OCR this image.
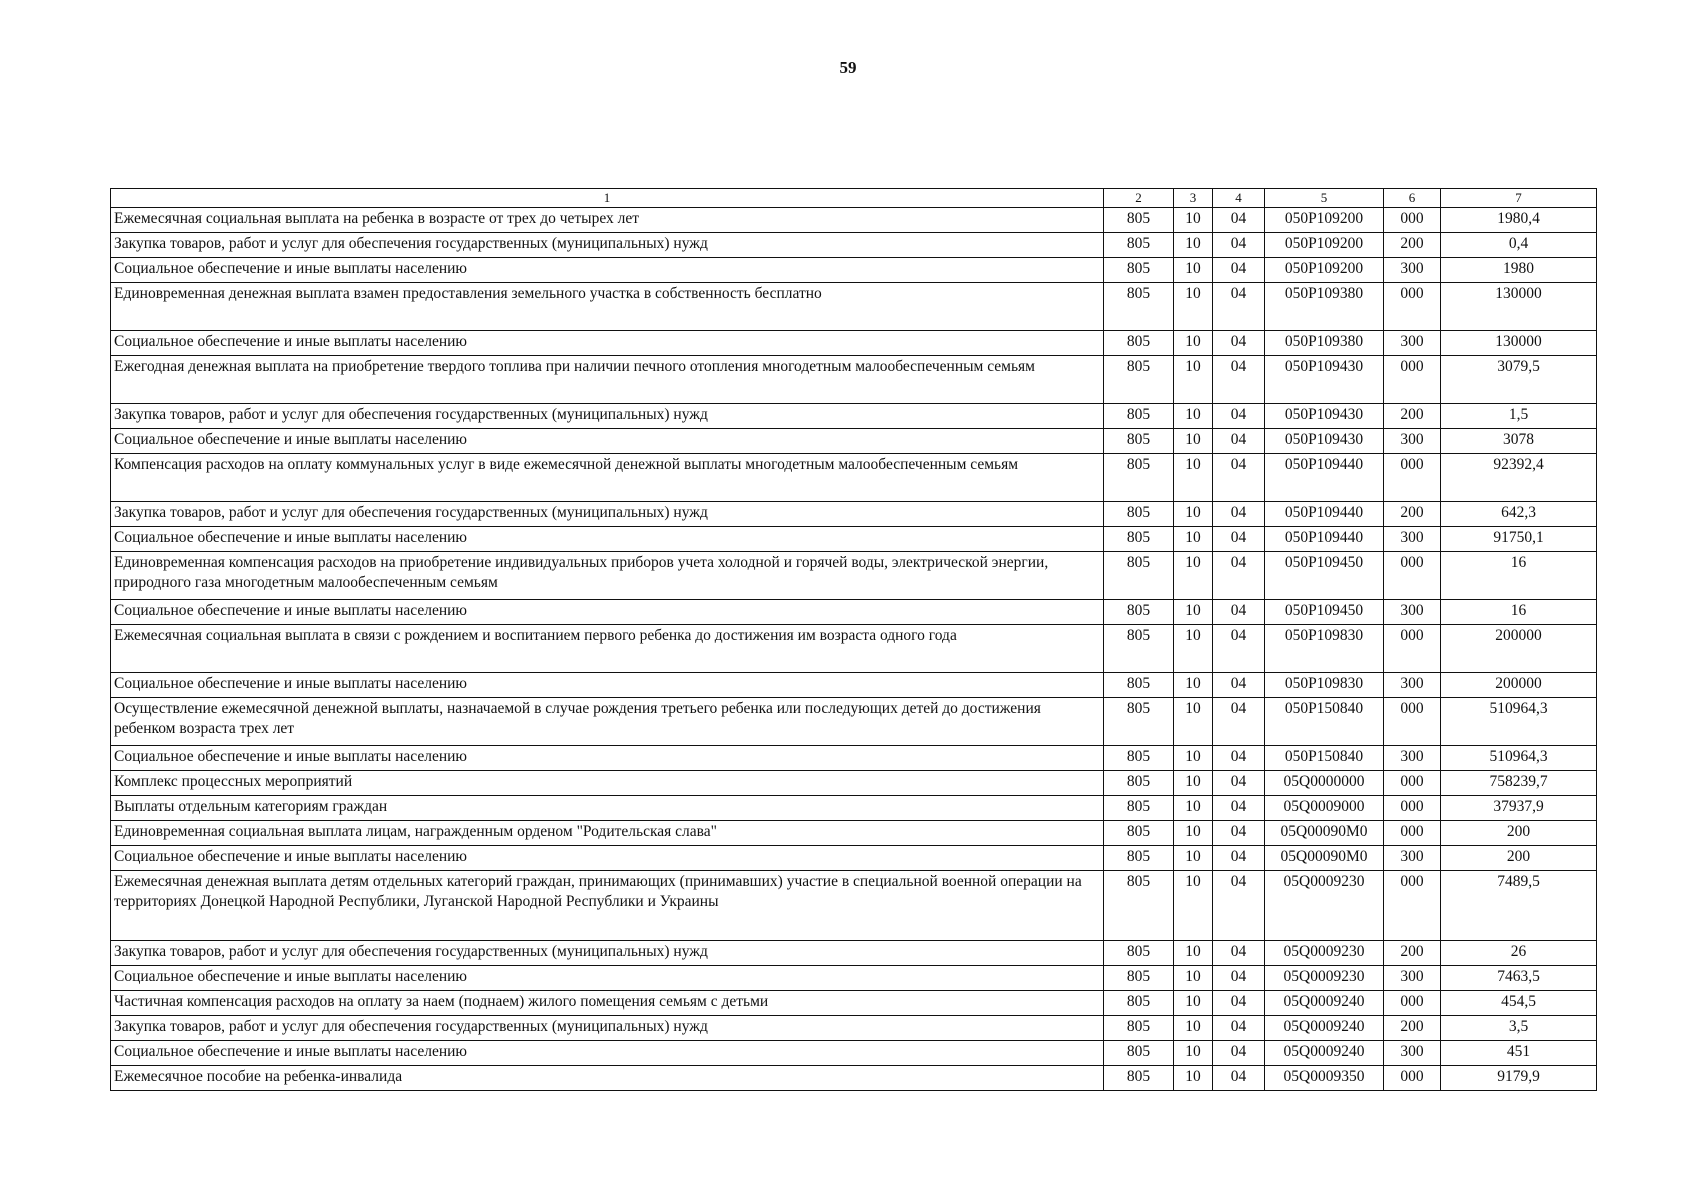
59
1	2	3	4	5	6	7
Ежемесячная социальная выплата на ребенка в возрасте от трех до четырех лет	805	10	04	050P109200	000	1980,4
Закупка товаров, работ и услуг для обеспечения государственных (муниципальных) нужд	805	10	04	050P109200	200	0,4
Социальное обеспечение и иные выплаты населению	805	10	04	050P109200	300	1980
Единовременная денежная выплата взамен предоставления земельного участка в собственность бесплатно	805	10	04	050P109380	000	130000
Социальное обеспечение и иные выплаты населению	805	10	04	050P109380	300	130000
Ежегодная денежная выплата на приобретение твердого топлива при наличии печного отопления многодетным малообеспеченным семьям	805	10	04	050P109430	000	3079,5
Закупка товаров, работ и услуг для обеспечения государственных (муниципальных) нужд	805	10	04	050P109430	200	1,5
Социальное обеспечение и иные выплаты населению	805	10	04	050P109430	300	3078
Компенсация расходов на оплату коммунальных услуг в виде ежемесячной денежной выплаты многодетным малообеспеченным семьям	805	10	04	050P109440	000	92392,4
Закупка товаров, работ и услуг для обеспечения государственных (муниципальных) нужд	805	10	04	050P109440	200	642,3
Социальное обеспечение и иные выплаты населению	805	10	04	050P109440	300	91750,1
Единовременная компенсация расходов на приобретение индивидуальных приборов учета холодной и горячей воды, электрической энергии, природного газа многодетным малообеспеченным семьям	805	10	04	050P109450	000	16
Социальное обеспечение и иные выплаты населению	805	10	04	050P109450	300	16
Ежемесячная социальная выплата в связи с рождением и воспитанием первого ребенка до достижения им возраста одного года	805	10	04	050P109830	000	200000
Социальное обеспечение и иные выплаты населению	805	10	04	050P109830	300	200000
Осуществление ежемесячной денежной выплаты, назначаемой в случае рождения третьего ребенка или последующих детей до достижения ребенком возраста трех лет	805	10	04	050P150840	000	510964,3
Социальное обеспечение и иные выплаты населению	805	10	04	050P150840	300	510964,3
Комплекс процессных мероприятий	805	10	04	05Q0000000	000	758239,7
Выплаты отдельным категориям граждан	805	10	04	05Q0009000	000	37937,9
Единовременная социальная выплата лицам, награжденным орденом "Родительская слава"	805	10	04	05Q00090M0	000	200
Социальное обеспечение и иные выплаты населению	805	10	04	05Q00090M0	300	200
Ежемесячная денежная выплата детям отдельных категорий граждан, принимающих (принимавших) участие в специальной военной операции на территориях Донецкой Народной Республики, Луганской Народной Республики и Украины	805	10	04	05Q0009230	000	7489,5
Закупка товаров, работ и услуг для обеспечения государственных (муниципальных) нужд	805	10	04	05Q0009230	200	26
Социальное обеспечение и иные выплаты населению	805	10	04	05Q0009230	300	7463,5
Частичная компенсация расходов на оплату за наем (поднаем) жилого помещения семьям с детьми	805	10	04	05Q0009240	000	454,5
Закупка товаров, работ и услуг для обеспечения государственных (муниципальных) нужд	805	10	04	05Q0009240	200	3,5
Социальное обеспечение и иные выплаты населению	805	10	04	05Q0009240	300	451
Ежемесячное пособие на ребенка-инвалида	805	10	04	05Q0009350	000	9179,9
